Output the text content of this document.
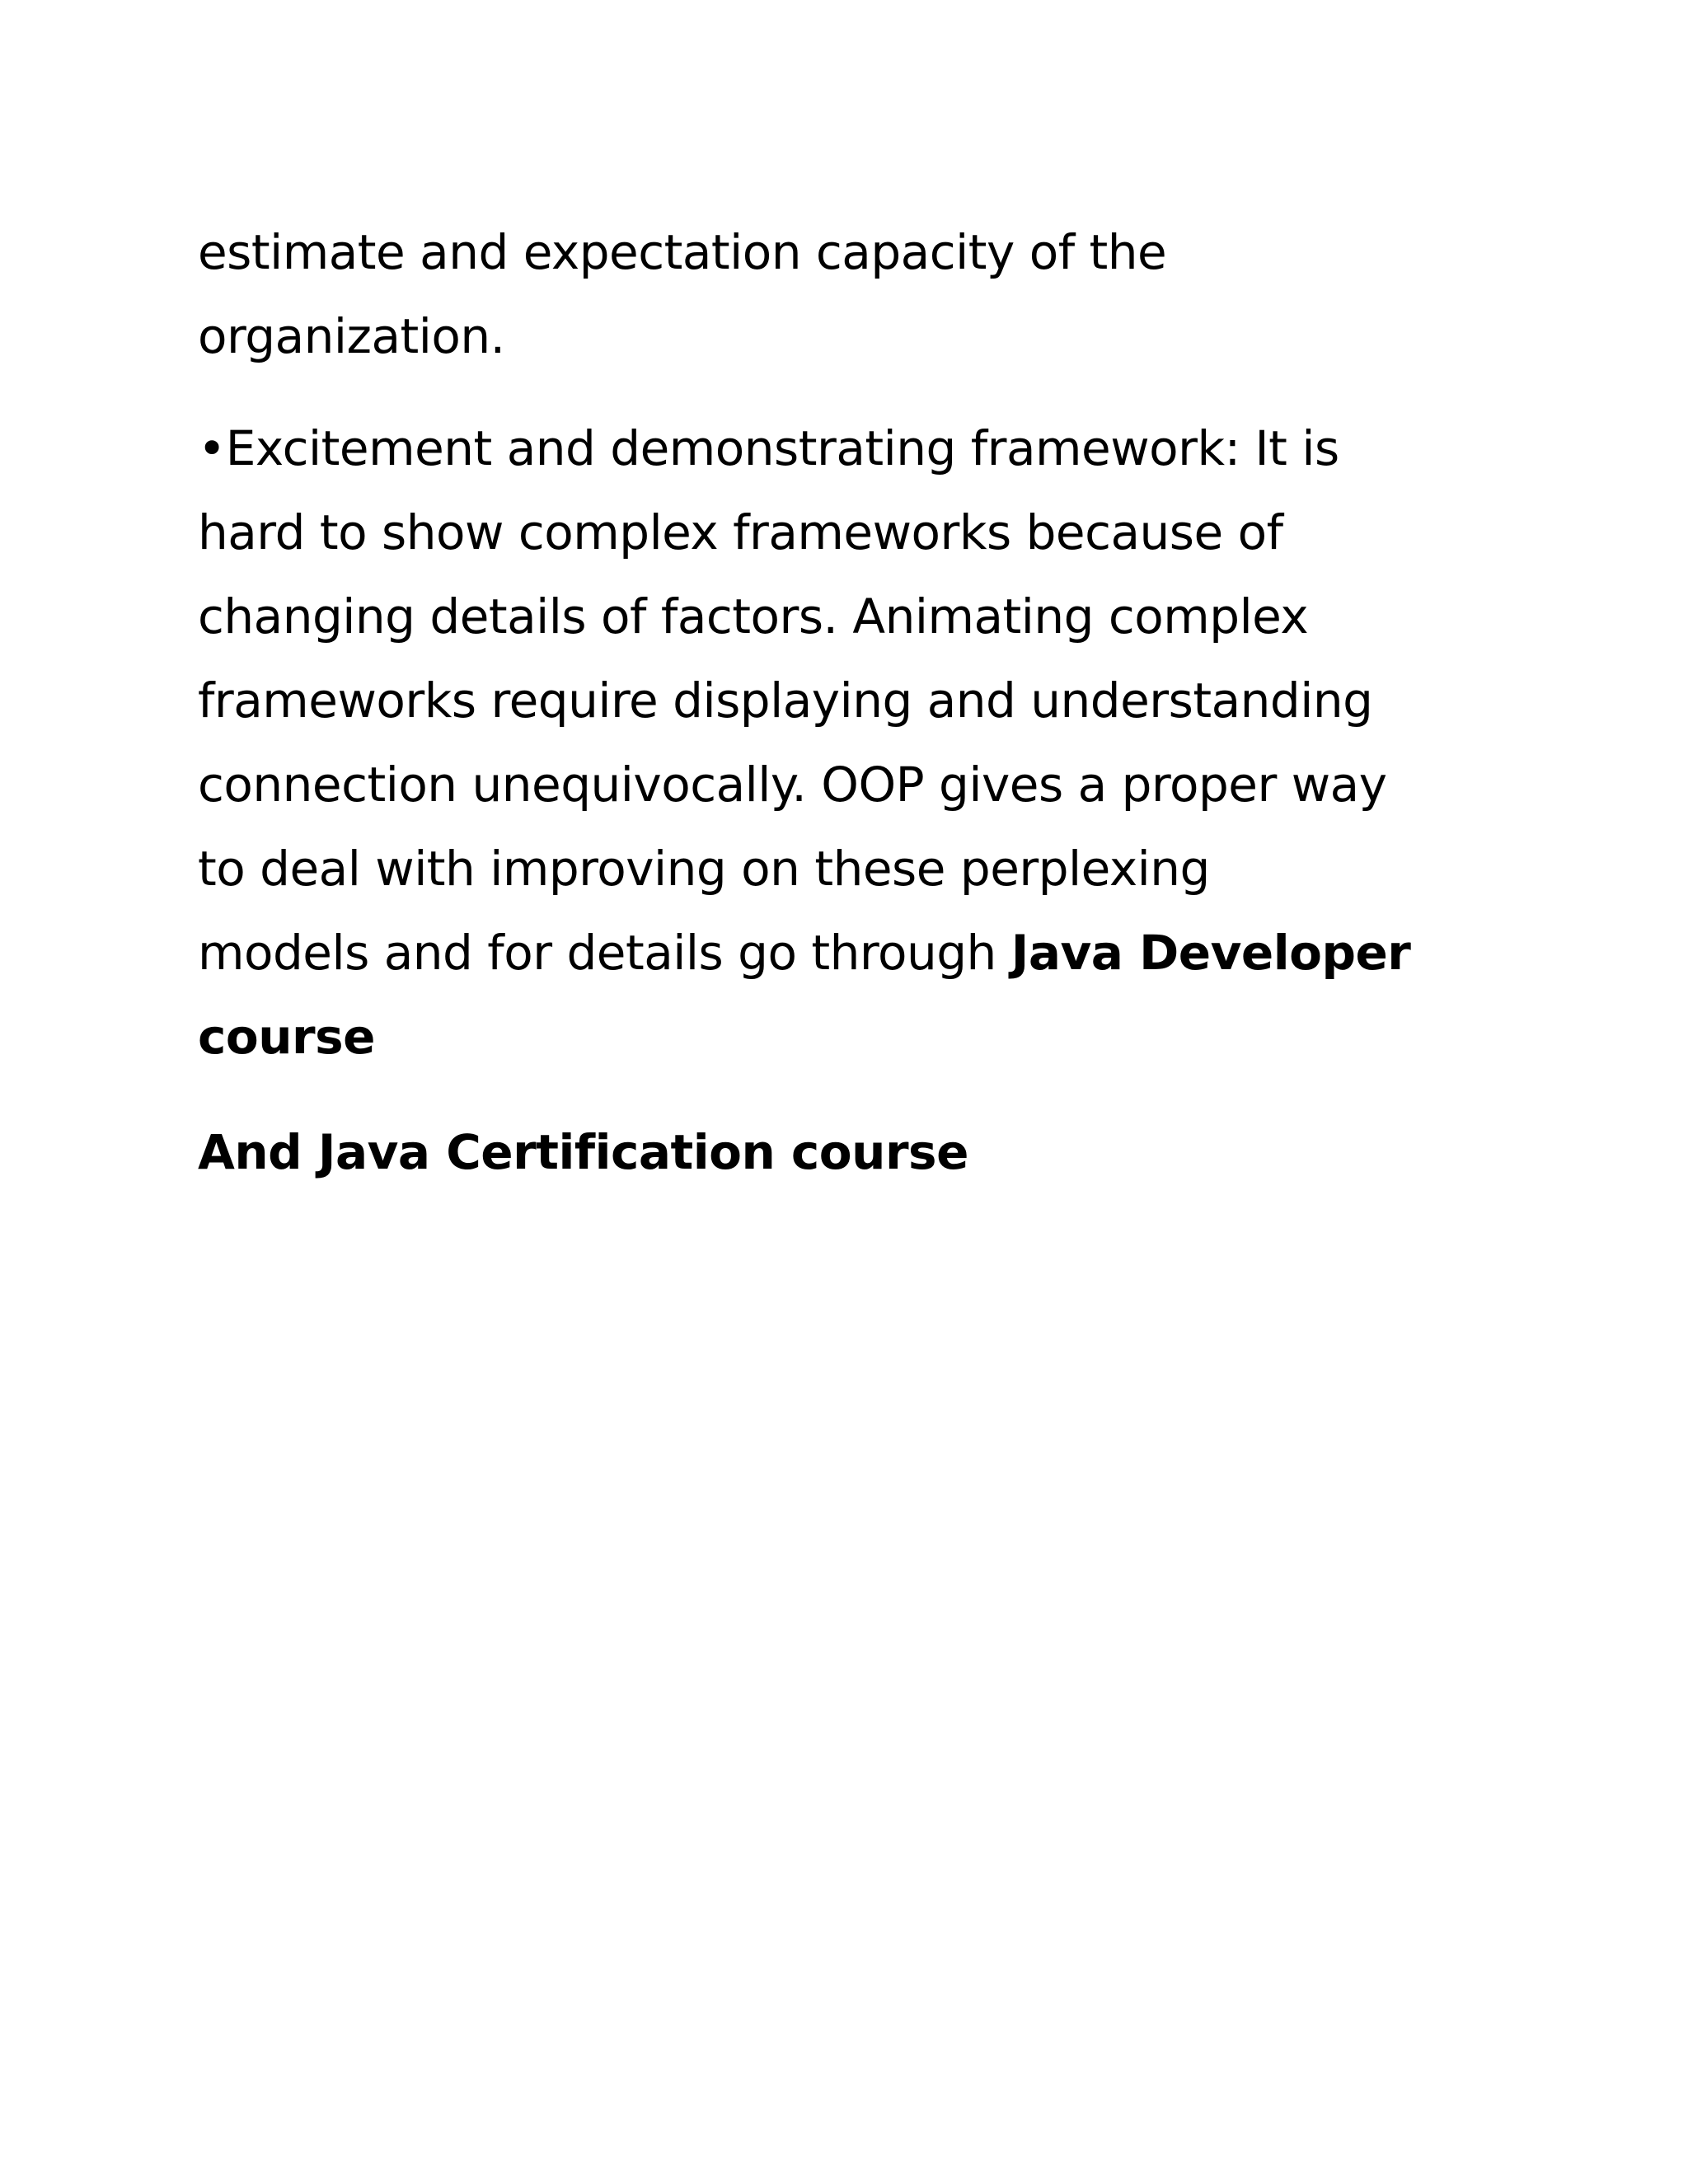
estimate and expectation capacity of the
organization.
•Excitement and demonstrating framework: It is
hard to show complex frameworks because of
changing details of factors. Animating complex
frameworks require displaying and understanding
connection unequivocally. OOP gives a proper way
to deal with improving on these perplexing
models and for details go through Java Developer
course
And Java Certification course
